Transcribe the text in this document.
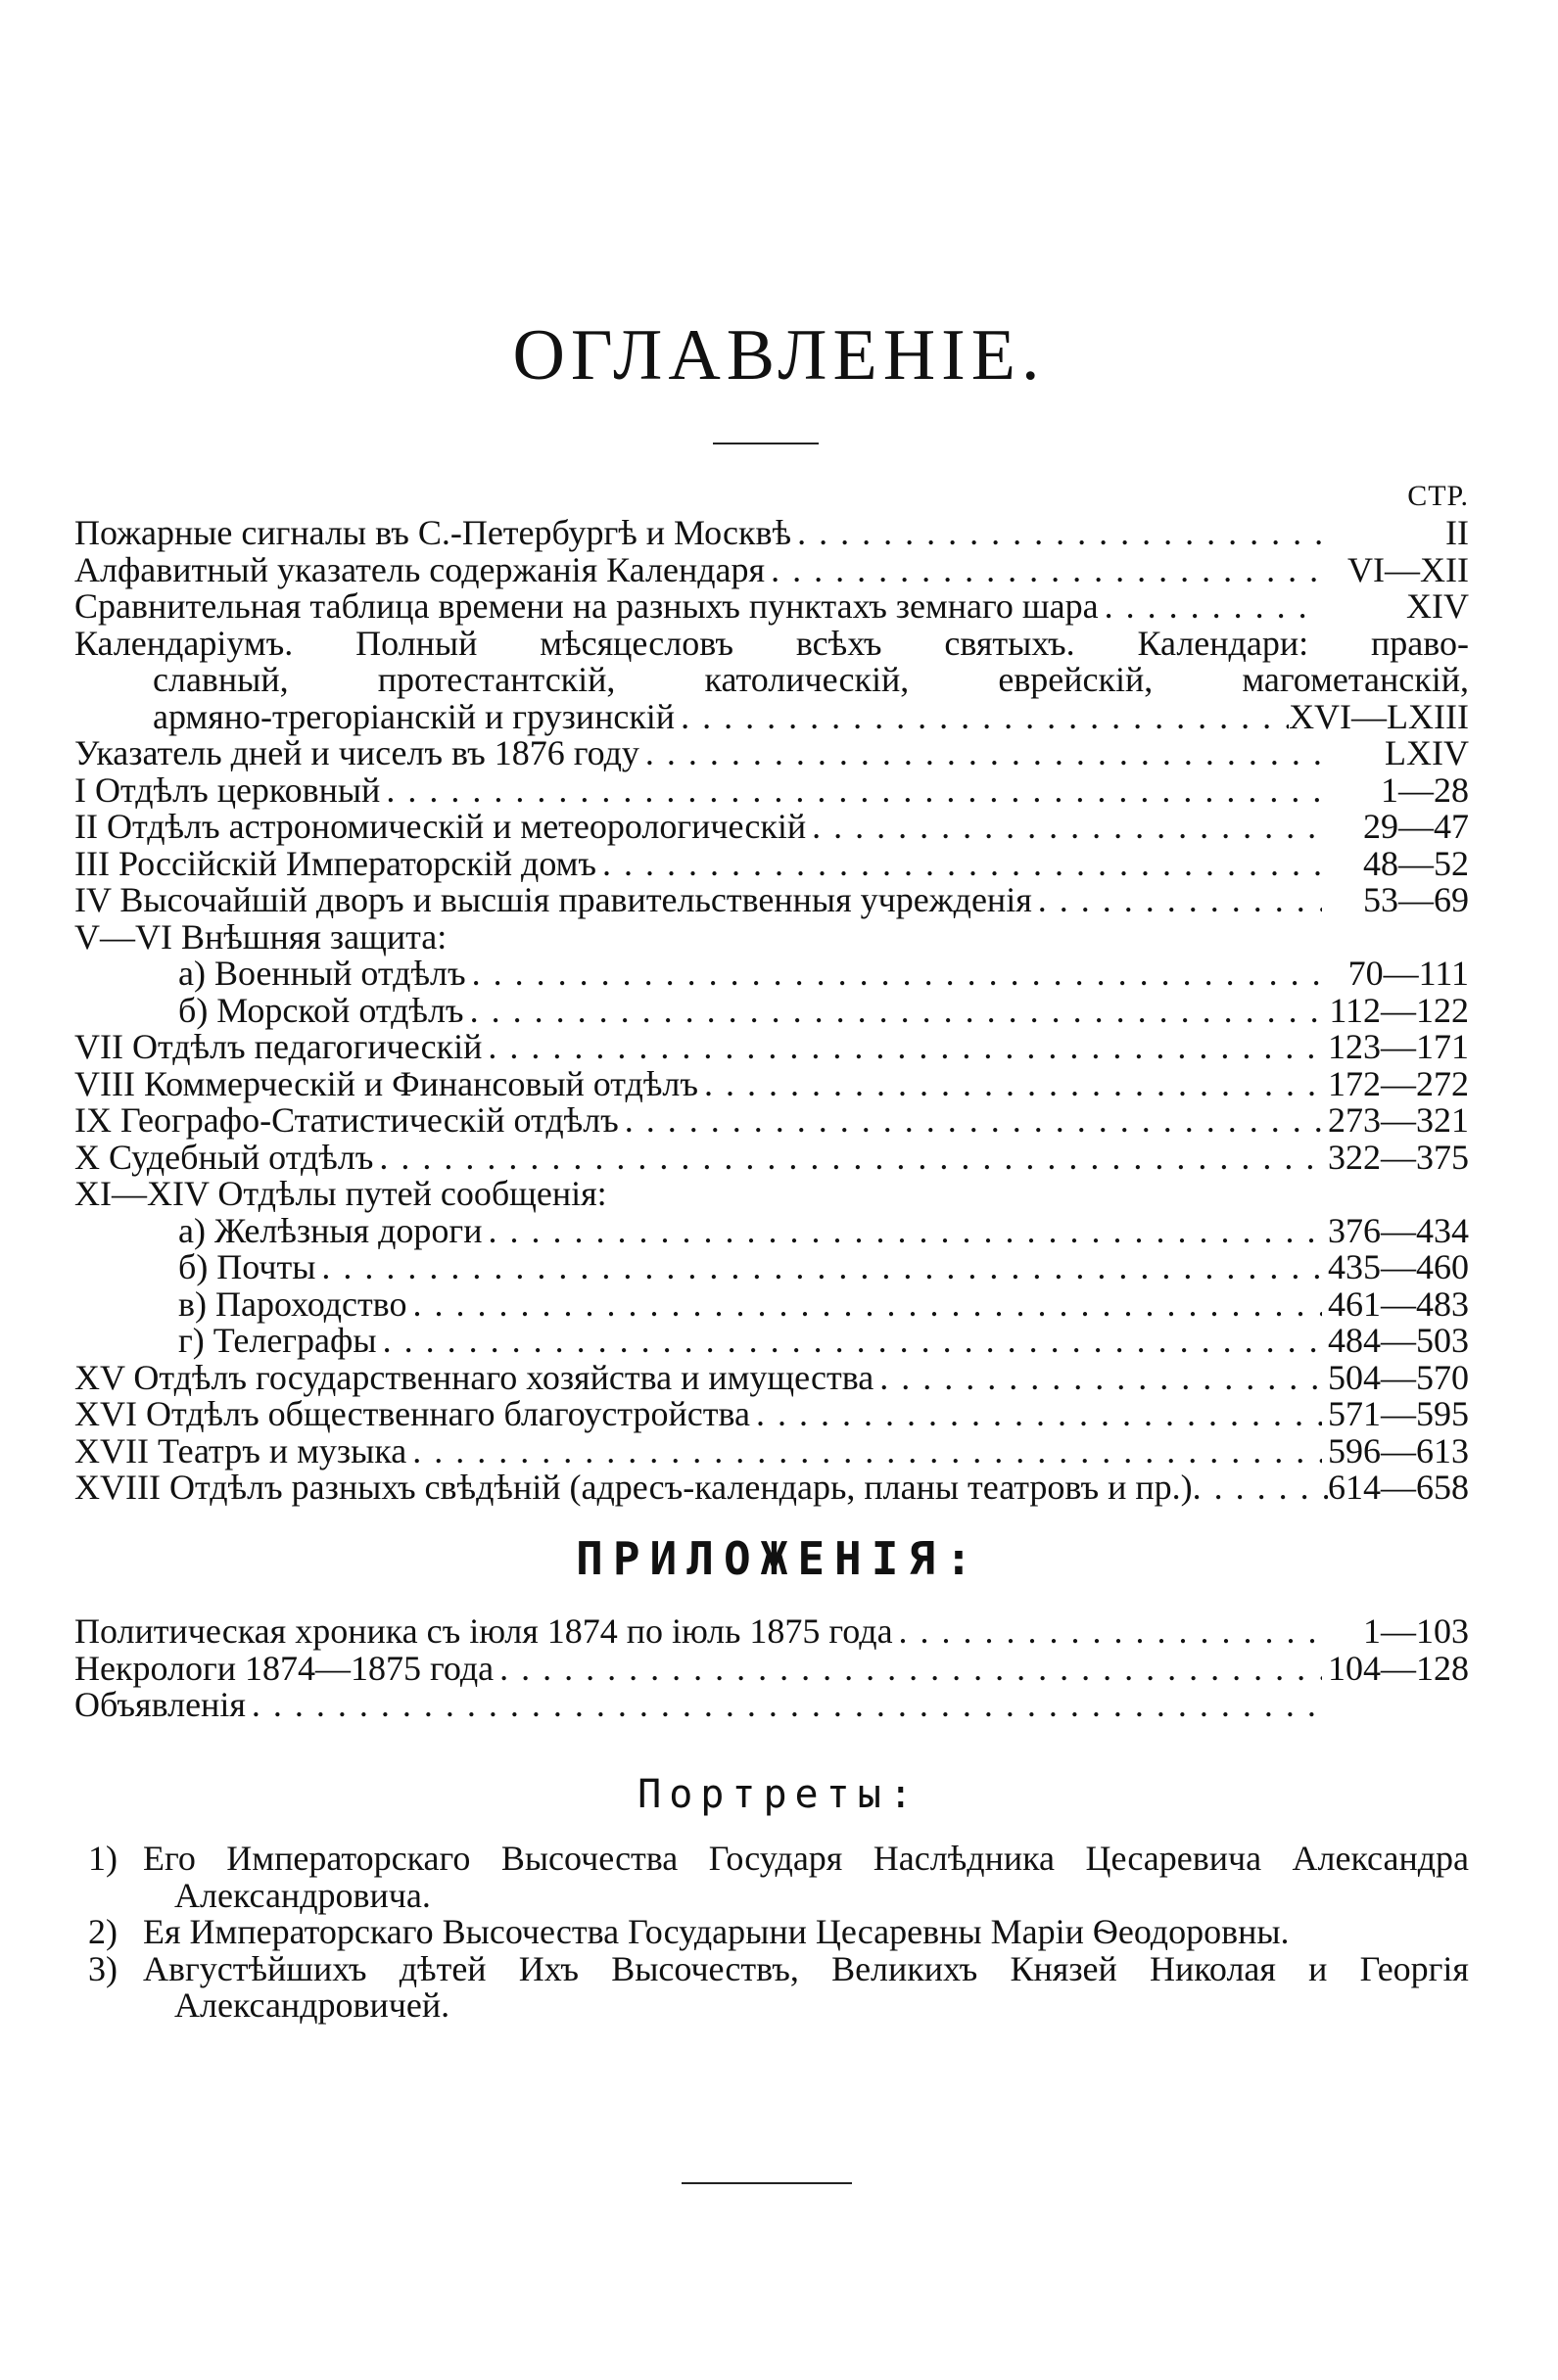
ОГЛАВЛЕНІЕ.
СТР.
Пожарные сигналы въ С.-Петербургѣ и Москвѣ . . .	II
Алфавитный указатель содержанія Календаря . . .	VI—XII
Сравнительная таблица времени на разныхъ пунктахъ земнаго шара . . .	XIV
Календаріумъ. Полный мѣсяцесловъ всѣхъ святыхъ. Календари: право-
славный, протестантскій, католическій, еврейскій, магометанскій,
армяно-трегоріанскій и грузинскій . . .	XVI—LXIII
Указатель дней и чиселъ въ 1876 году . . .	LXIV
I Отдѣлъ церковный . . .	1—28
II Отдѣлъ астрономическій и метеорологическій . . .	29—47
III Россійскій Императорскій домъ . . .	48—52
IV Высочайшій дворъ и высшія правительственныя учрежденія . . .	53—69
V—VI Внѣшняя защита:
а) Военный отдѣлъ . . .	70—111
б) Морской отдѣлъ . . .	112—122
VII Отдѣлъ педагогическій . . .	123—171
VIII Коммерческій и Финансовый отдѣлъ . . .	172—272
IX Географо-Статистическій отдѣлъ . . .	273—321
X Судебный отдѣлъ . . .	322—375
XI—XIV Отдѣлы путей сообщенія:
а) Желѣзныя дороги . . .	376—434
б) Почты . . .	435—460
в) Пароходство . . .	461—483
г) Телеграфы . . .	484—503
XV Отдѣлъ государственнаго хозяйства и имущества . . .	504—570
XVI Отдѣлъ общественнаго благоустройства . . .	571—595
XVII Театръ и музыка . . .	596—613
XVIII Отдѣлъ разныхъ свѣдѣній (адресъ-календарь, планы театровъ и пр.) . . .	614—658
ПРИЛОЖЕНІЯ:
Политическая хроника съ іюля 1874 по іюль 1875 года . . .	1—103
Некрологи 1874—1875 года . . .	104—128
Объявленія
. . .
Портреты:
1) Его Императорскаго Высочества Государя Наслѣдника Цесаревича Александра
Александровича.
2) Ея Императорскаго Высочества Государыни Цесаревны Маріи Ѳеодоровны.
3) Августѣйшихъ дѣтей Ихъ Высочествъ, Великихъ Князей Николая и Георгія
Александровичей.
